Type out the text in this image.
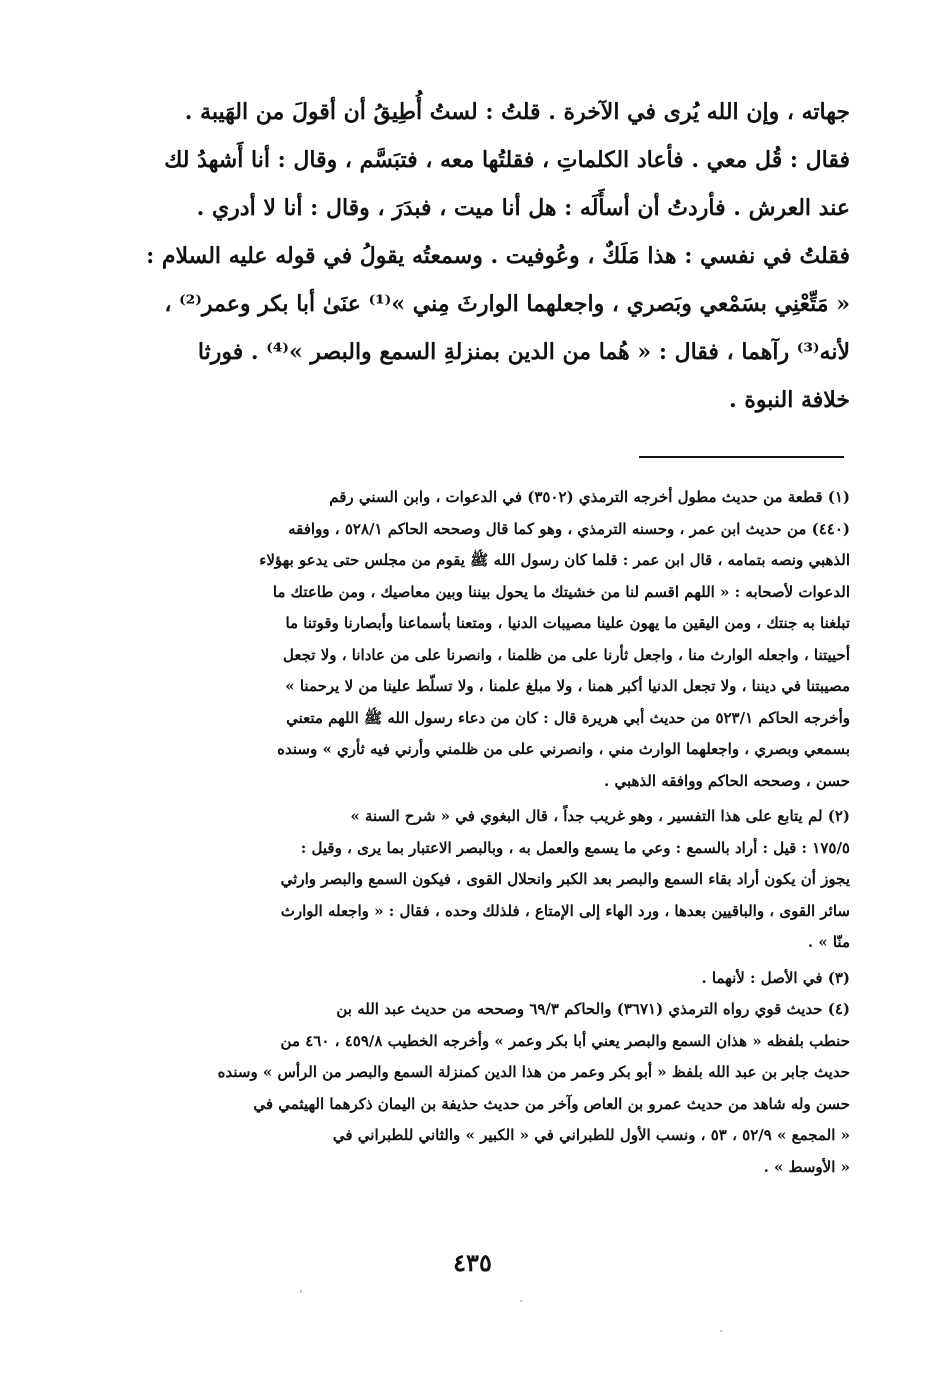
جهاته ، وإن الله يُرى في الآخرة . قلتُ : لستُ أُطِيقُ أن أقولَ من الهَيبة .
فقال : قُل معي . فأعاد الكلماتِ ، فقلتُها معه ، فتبَسَّم ، وقال : أنا أَشهدُ لك
عند العرش . فأردتُ أن أسأَلَه : هل أنا ميت ، فبدَرَ ، وقال : أنا لا أدري .
فقلتُ في نفسي : هذا مَلَكٌ ، وعُوفيت . وسمعتُه يقولُ في قوله عليه السلام :
« مَتِّعْنِي بسَمْعي وبَصري ، واجعلهما الوارثَ مِني »⁽¹⁾ عنَىٰ أبا بكر وعمر⁽²⁾ ،
لأنه⁽³⁾ رآهما ، فقال : « هُما من الدين بمنزلةِ السمع والبصر »⁽⁴⁾ . فورثا
خلافة النبوة .
(١) قطعة من حديث مطول أخرجه الترمذي (٣٥٠٢) في الدعوات ، وابن السني رقم
(٤٤٠) من حديث ابن عمر ، وحسنه الترمذي ، وهو كما قال وصححه الحاكم ٥٢٨/١ ، ووافقه
الذهبي ونصه بتمامه ، قال ابن عمر : قلما كان رسول الله ﷺ يقوم من مجلس حتى يدعو بهؤلاء
الدعوات لأصحابه : « اللهم اقسم لنا من خشيتك ما يحول بيننا وبين معاصيك ، ومن طاعتك ما
تبلغنا به جنتك ، ومن اليقين ما يهون علينا مصيبات الدنيا ، ومتعنا بأسماعنا وأبصارنا وقوتنا ما
أحييتنا ، واجعله الوارث منا ، واجعل ثأرنا على من ظلمنا ، وانصرنا على من عادانا ، ولا تجعل
مصيبتنا في ديننا ، ولا تجعل الدنيا أكبر همنا ، ولا مبلغ علمنا ، ولا تسلّط علينا من لا يرحمنا »
وأخرجه الحاكم ٥٢٣/١ من حديث أبي هريرة قال : كان من دعاء رسول الله ﷺ اللهم متعني
بسمعي وبصري ، واجعلهما الوارث مني ، وانصرني على من ظلمني وأرني فيه ثأري » وسنده
حسن ، وصححه الحاكم ووافقه الذهبي .
(٢) لم يتابع على هذا التفسير ، وهو غريب جداً ، قال البغوي في « شرح السنة »
١٧٥/٥ : قيل : أراد بالسمع : وعي ما يسمع والعمل به ، وبالبصر الاعتبار بما يرى ، وقيل :
يجوز أن يكون أراد بقاء السمع والبصر بعد الكبر وانحلال القوى ، فيكون السمع والبصر وارثي
سائر القوى ، والباقيين بعدها ، ورد الهاء إلى الإمتاع ، فلذلك وحده ، فقال : « واجعله الوارث
منّا » .
(٣) في الأصل : لأنهما .
(٤) حديث قوي رواه الترمذي (٣٦٧١) والحاكم ٦٩/٣ وصححه من حديث عبد الله بن
حنطب بلفظه « هذان السمع والبصر يعني أبا بكر وعمر » وأخرجه الخطيب ٤٥٩/٨ ، ٤٦٠ من
حديث جابر بن عبد الله بلفظ « أبو بكر وعمر من هذا الدين كمنزلة السمع والبصر من الرأس » وسنده
حسن وله شاهد من حديث عمرو بن العاص وآخر من حديث حذيفة بن اليمان ذكرهما الهيثمي في
« المجمع » ٥٢/٩ ، ٥٣ ، ونسب الأول للطبراني في « الكبير » والثاني للطبراني في
« الأوسط » .
٤٣٥
